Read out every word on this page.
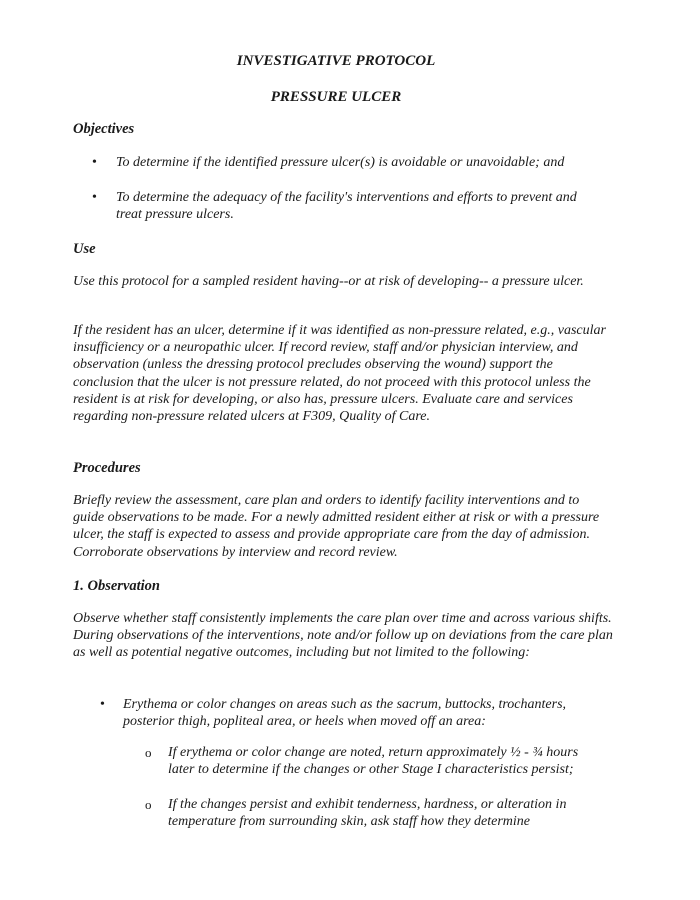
INVESTIGATIVE PROTOCOL
PRESSURE ULCER
Objectives
• To determine if the identified pressure ulcer(s) is avoidable or unavoidable; and
• To determine the adequacy of the facility's interventions and efforts to prevent and treat pressure ulcers.
Use
Use this protocol for a sampled resident having--or at risk of developing-- a pressure ulcer.
If the resident has an ulcer, determine if it was identified as non-pressure related, e.g., vascular insufficiency or a neuropathic ulcer. If record review, staff and/or physician interview, and observation (unless the dressing protocol precludes observing the wound) support the conclusion that the ulcer is not pressure related, do not proceed with this protocol unless the resident is at risk for developing, or also has, pressure ulcers. Evaluate care and services regarding non-pressure related ulcers at F309, Quality of Care.
Procedures
Briefly review the assessment, care plan and orders to identify facility interventions and to guide observations to be made. For a newly admitted resident either at risk or with a pressure ulcer, the staff is expected to assess and provide appropriate care from the day of admission. Corroborate observations by interview and record review.
1. Observation
Observe whether staff consistently implements the care plan over time and across various shifts. During observations of the interventions, note and/or follow up on deviations from the care plan as well as potential negative outcomes, including but not limited to the following:
• Erythema or color changes on areas such as the sacrum, buttocks, trochanters, posterior thigh, popliteal area, or heels when moved off an area:
o If erythema or color change are noted, return approximately ½ - ¾ hours later to determine if the changes or other Stage I characteristics persist;
o If the changes persist and exhibit tenderness, hardness, or alteration in temperature from surrounding skin, ask staff how they determine
